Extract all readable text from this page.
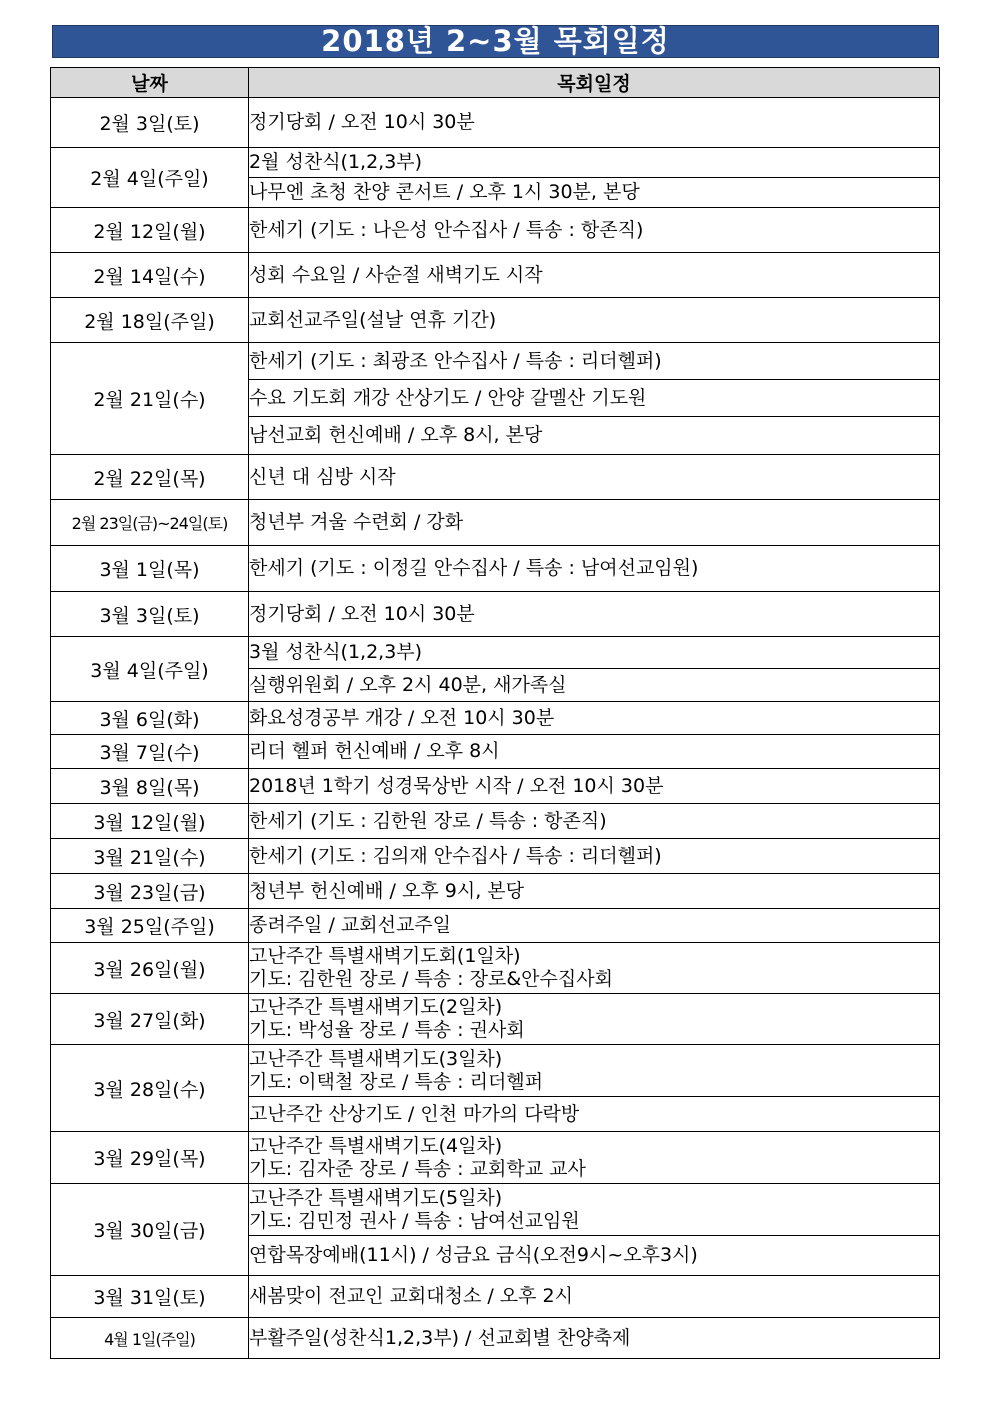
2018년 2~3월 목회일정
날짜	목회일정
2월 3일(토)	정기당회 / 오전 10시 30분

2월 4일(주일)	2월 성찬식(1,2,3부)

	나무엔 초청 찬양 콘서트 / 오후 1시 30분, 본당

2월 12일(월)	한세기 (기도 : 나은성 안수집사 / 특송 : 항존직)

2월 14일(수)	성회 수요일 / 사순절 새벽기도 시작

2월 18일(주일)	교회선교주일(설날 연휴 기간)

2월 21일(수)	한세기 (기도 : 최광조 안수집사 / 특송 : 리더헬퍼)

	수요 기도회 개강 산상기도 / 안양 갈멜산 기도원

	남선교회 헌신예배 / 오후 8시, 본당

2월 22일(목)	신년 대 심방 시작

2월 23일(금)~24일(토)	청년부 겨울 수련회 / 강화

3월 1일(목)	한세기 (기도 : 이정길 안수집사 / 특송 : 남여선교임원)

3월 3일(토)	정기당회 / 오전 10시 30분

3월 4일(주일)	3월 성찬식(1,2,3부)

	실행위원회 / 오후 2시 40분, 새가족실

3월 6일(화)	화요성경공부 개강 / 오전 10시 30분

3월 7일(수)	리더 헬퍼 헌신예배 / 오후 8시

3월 8일(목)	2018년 1학기 성경묵상반 시작 / 오전 10시 30분

3월 12일(월)	한세기 (기도 : 김한원 장로 / 특송 : 항존직)

3월 21일(수)	한세기 (기도 : 김의재 안수집사 / 특송 : 리더헬퍼)

3월 23일(금)	청년부 헌신예배 / 오후 9시, 본당

3월 25일(주일)	종려주일 / 교회선교주일

3월 26일(월)	고난주간 특별새벽기도회(1일차)
기도: 김한원 장로 / 특송 : 장로&안수집사회

3월 27일(화)	고난주간 특별새벽기도(2일차)
기도: 박성율 장로 / 특송 : 권사회

3월 28일(수)	고난주간 특별새벽기도(3일차)
기도: 이택철 장로 / 특송 : 리더헬퍼

	고난주간 산상기도 / 인천 마가의 다락방

3월 29일(목)	고난주간 특별새벽기도(4일차)
기도: 김자준 장로 / 특송 : 교회학교 교사

3월 30일(금)	고난주간 특별새벽기도(5일차)
기도: 김민정 권사 / 특송 : 남여선교임원

	연합목장예배(11시) / 성금요 금식(오전9시~오후3시)

3월 31일(토)	새봄맞이 전교인 교회대청소 / 오후 2시

4월 1일(주일)	부활주일(성찬식1,2,3부) / 선교회별 찬양축제
